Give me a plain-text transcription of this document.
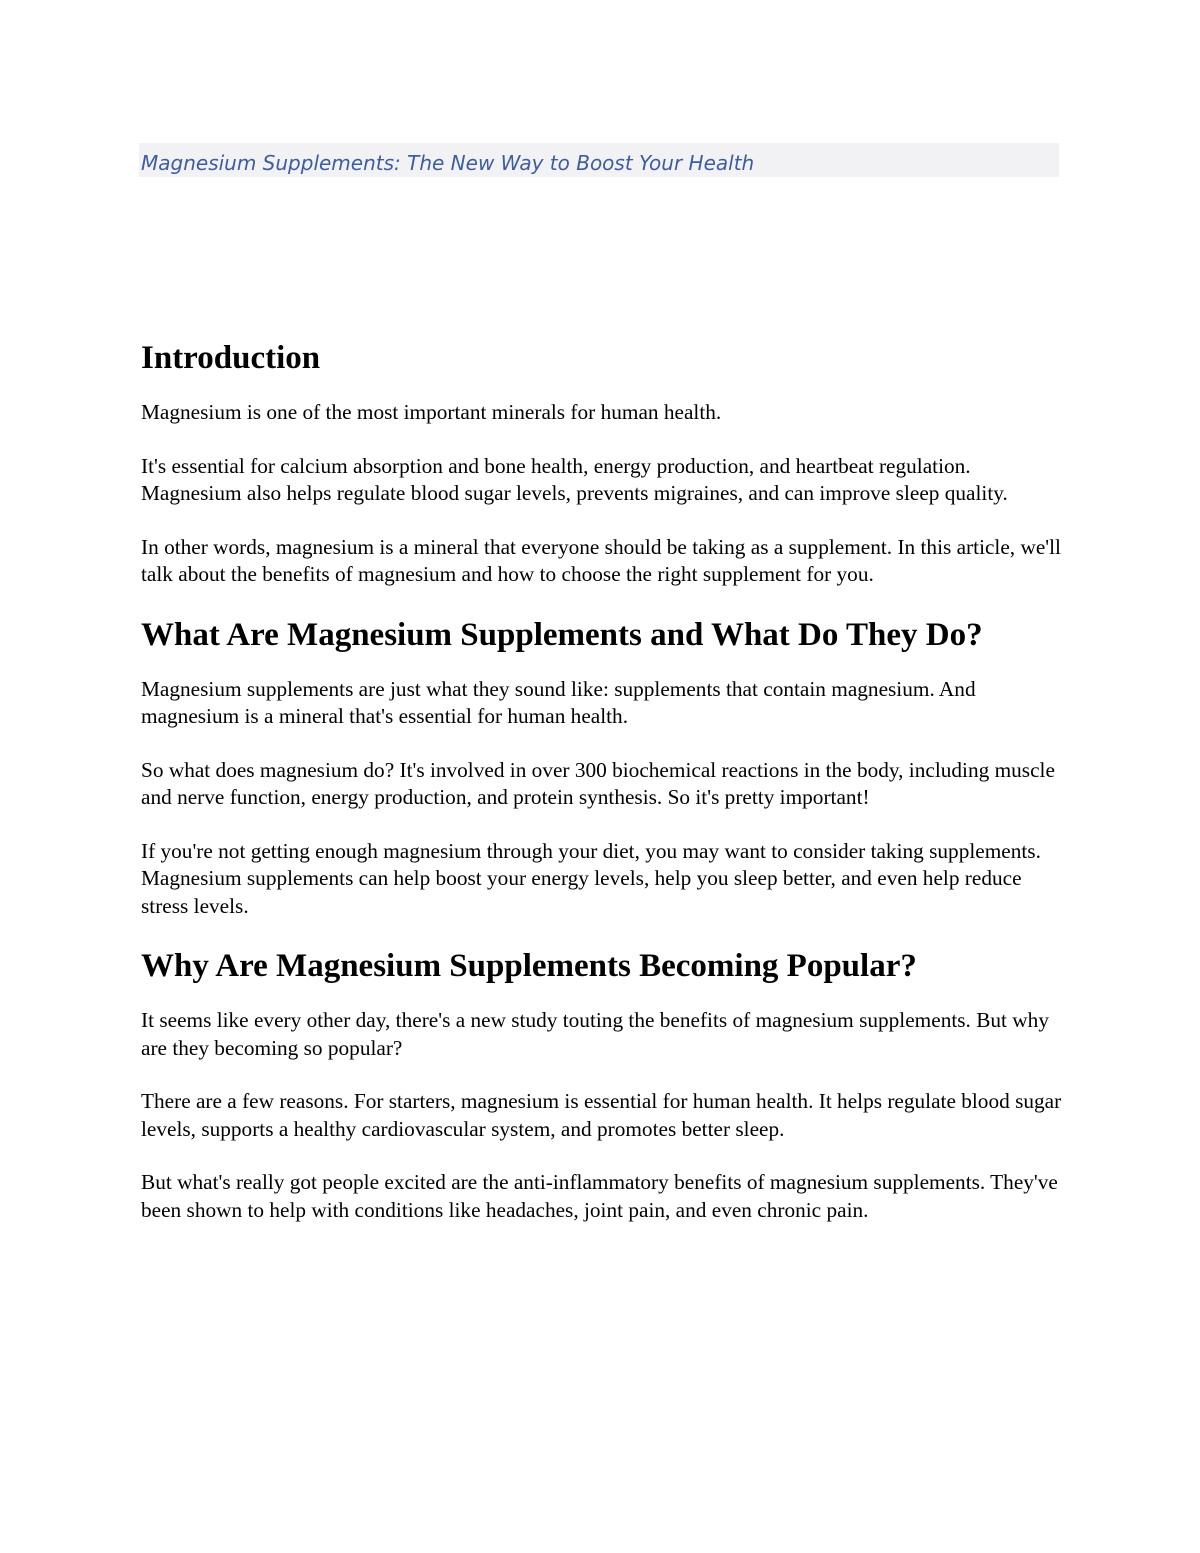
Magnesium Supplements: The New Way to Boost Your Health
Introduction

Magnesium is one of the most important minerals for human health.

It's essential for calcium absorption and bone health, energy production, and heartbeat regulation. Magnesium also helps regulate blood sugar levels, prevents migraines, and can improve sleep quality.

In other words, magnesium is a mineral that everyone should be taking as a supplement. In this article, we'll talk about the benefits of magnesium and how to choose the right supplement for you.

What Are Magnesium Supplements and What Do They Do?

Magnesium supplements are just what they sound like: supplements that contain magnesium. And magnesium is a mineral that's essential for human health.

So what does magnesium do? It's involved in over 300 biochemical reactions in the body, including muscle and nerve function, energy production, and protein synthesis. So it's pretty important!

If you're not getting enough magnesium through your diet, you may want to consider taking supplements. Magnesium supplements can help boost your energy levels, help you sleep better, and even help reduce stress levels.

Why Are Magnesium Supplements Becoming Popular?

It seems like every other day, there's a new study touting the benefits of magnesium supplements. But why are they becoming so popular?

There are a few reasons. For starters, magnesium is essential for human health. It helps regulate blood sugar levels, supports a healthy cardiovascular system, and promotes better sleep.

But what's really got people excited are the anti-inflammatory benefits of magnesium supplements. They've been shown to help with conditions like headaches, joint pain, and even chronic pain.
